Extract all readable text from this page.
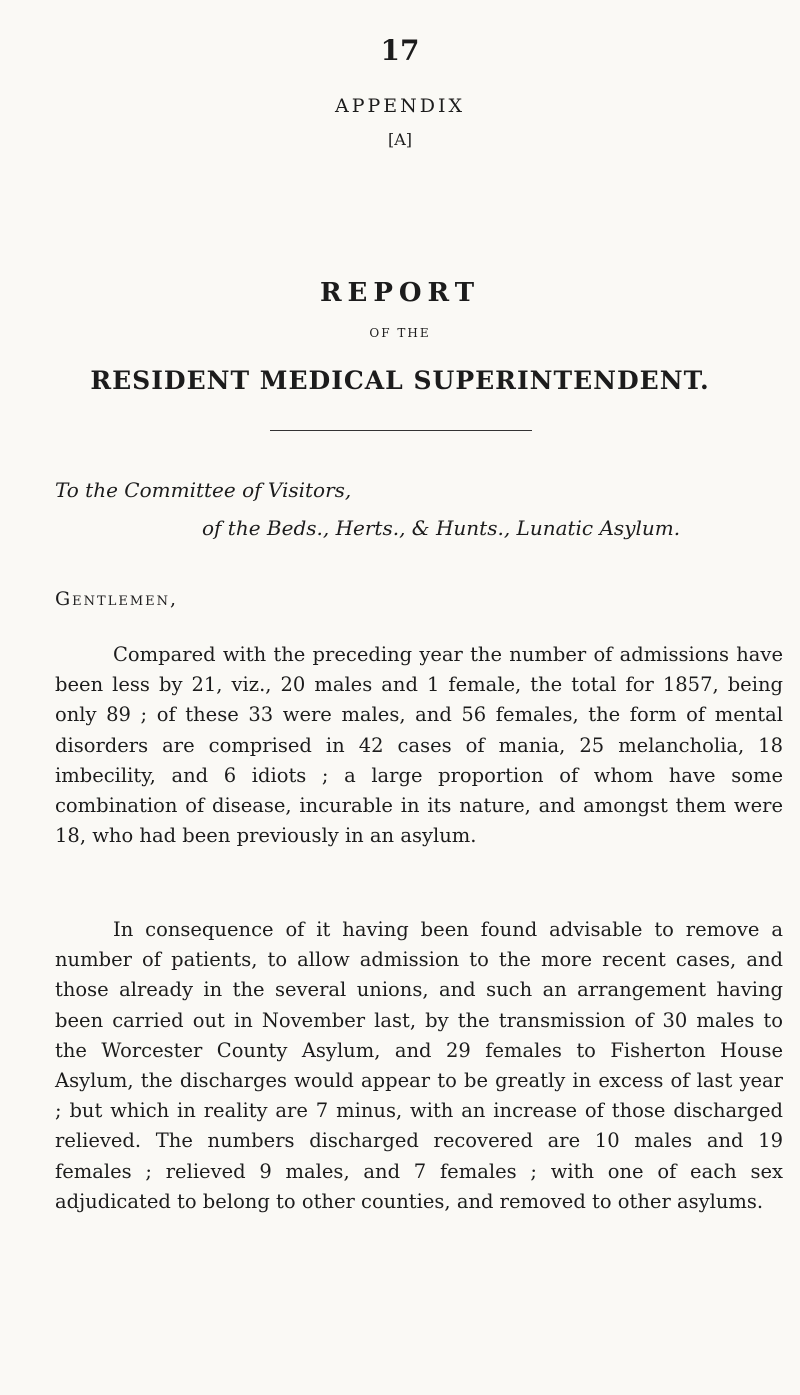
17
APPENDIX
[A]
REPORT
OF THE
RESIDENT MEDICAL SUPERINTENDENT.
To the Committee of Visitors,
of the Beds., Herts., & Hunts., Lunatic Asylum.
Gentlemen,

Compared with the preceding year the number of admissions have been less by 21, viz., 20 males and 1 female, the total for 1857, being only 89 ; of these 33 were males, and 56 females, the form of mental disorders are comprised in 42 cases of mania, 25 melancholia, 18 imbecility, and 6 idiots ; a large proportion of whom have some combination of disease, incurable in its nature, and amongst them were 18, who had been previously in an asylum.

In consequence of it having been found advisable to remove a number of patients, to allow admission to the more recent cases, and those already in the several unions, and such an arrangement having been carried out in November last, by the transmission of 30 males to the Worcester County Asylum, and 29 females to Fisherton House Asylum, the discharges would appear to be greatly in excess of last year ; but which in reality are 7 minus, with an increase of those discharged relieved. The numbers discharged recovered are 10 males and 19 females ; relieved 9 males, and 7 females ; with one of each sex adjudicated to belong to other counties, and removed to other asylums.
